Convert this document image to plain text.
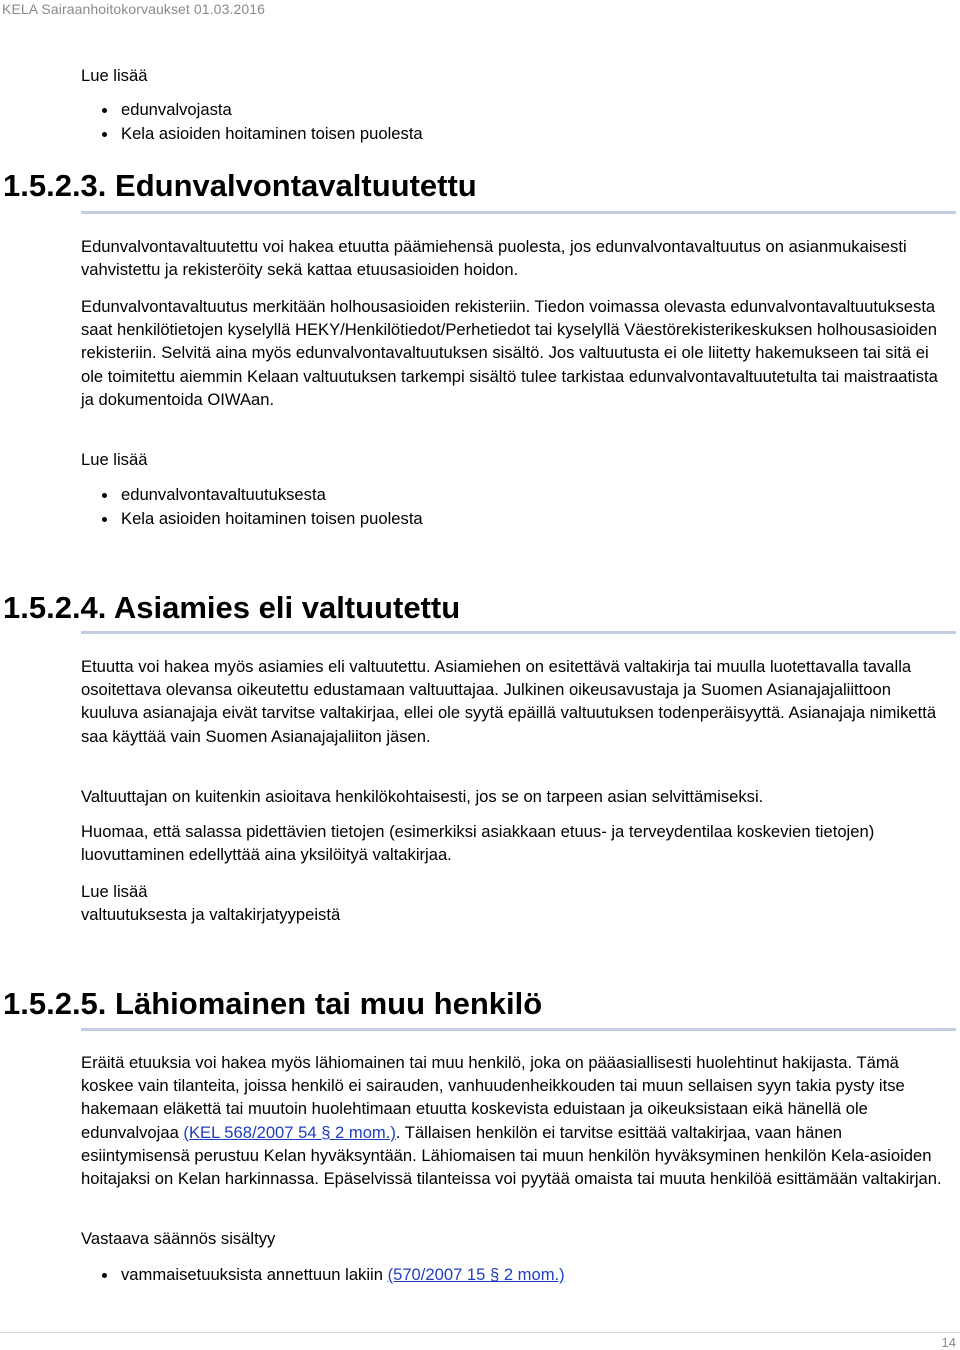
KELA Sairaanhoitokorvaukset 01.03.2016
Lue lisää
edunvalvojasta
Kela asioiden hoitaminen toisen puolesta
1.5.2.3. Edunvalvontavaltuutettu

Edunvalvontavaltuutettu voi hakea etuutta päämiehensä puolesta, jos edunvalvontavaltuutus on asianmukaisesti vahvistettu ja rekisteröity sekä kattaa etuusasioiden hoidon.

Edunvalvontavaltuutus merkitään holhousasioiden rekisteriin. Tiedon voimassa olevasta edunvalvontavaltuutuksesta saat henkilötietojen kyselyllä HEKY/Henkilötiedot/Perhetiedot tai kyselyllä Väestörekisterikeskuksen holhousasioiden rekisteriin. Selvitä aina myös edunvalvontavaltuutuksen sisältö. Jos valtuutusta ei ole liitetty hakemukseen tai sitä ei ole toimitettu aiemmin Kelaan valtuutuksen tarkempi sisältö tulee tarkistaa edunvalvontavaltuutetulta tai maistraatista ja dokumentoida OIWAan.

Lue lisää
edunvalvontavaltuutuksesta
Kela asioiden hoitaminen toisen puolesta
1.5.2.4. Asiamies eli valtuutettu

Etuutta voi hakea myös asiamies eli valtuutettu. Asiamiehen on esitettävä valtakirja tai muulla luotettavalla tavalla osoitettava olevansa oikeutettu edustamaan valtuuttajaa. Julkinen oikeusavustaja ja Suomen Asianajajaliittoon kuuluva asianajaja eivät tarvitse valtakirjaa, ellei ole syytä epäillä valtuutuksen todenperäisyyttä. Asianajaja nimikettä saa käyttää vain Suomen Asianajajaliiton jäsen.

Valtuuttajan on kuitenkin asioitava henkilökohtaisesti, jos se on tarpeen asian selvittämiseksi.

Huomaa, että salassa pidettävien tietojen (esimerkiksi asiakkaan etuus- ja terveydentilaa koskevien tietojen) luovuttaminen edellyttää aina yksilöityä valtakirjaa.

Lue lisää
valtuutuksesta ja valtakirjatyypeistä
1.5.2.5. Lähiomainen tai muu henkilö

Eräitä etuuksia voi hakea myös lähiomainen tai muu henkilö, joka on pääasiallisesti huolehtinut hakijasta. Tämä koskee vain tilanteita, joissa henkilö ei sairauden, vanhuudenheikkouden tai muun sellaisen syyn takia pysty itse hakemaan eläkettä tai muutoin huolehtimaan etuutta koskevista eduistaan ja oikeuksistaan eikä hänellä ole edunvalvojaa (KEL 568/2007 54 § 2 mom.). Tällaisen henkilön ei tarvitse esittää valtakirjaa, vaan hänen esiintymisensä perustuu Kelan hyväksyntään. Lähiomaisen tai muun henkilön hyväksyminen henkilön Kela-asioiden hoitajaksi on Kelan harkinnassa. Epäselvissä tilanteissa voi pyytää omaista tai muuta henkilöä esittämään valtakirjan.

Vastaava säännös sisältyy

vammaisetuuksista annettuun lakiin (570/2007 15 § 2 mom.)
14
